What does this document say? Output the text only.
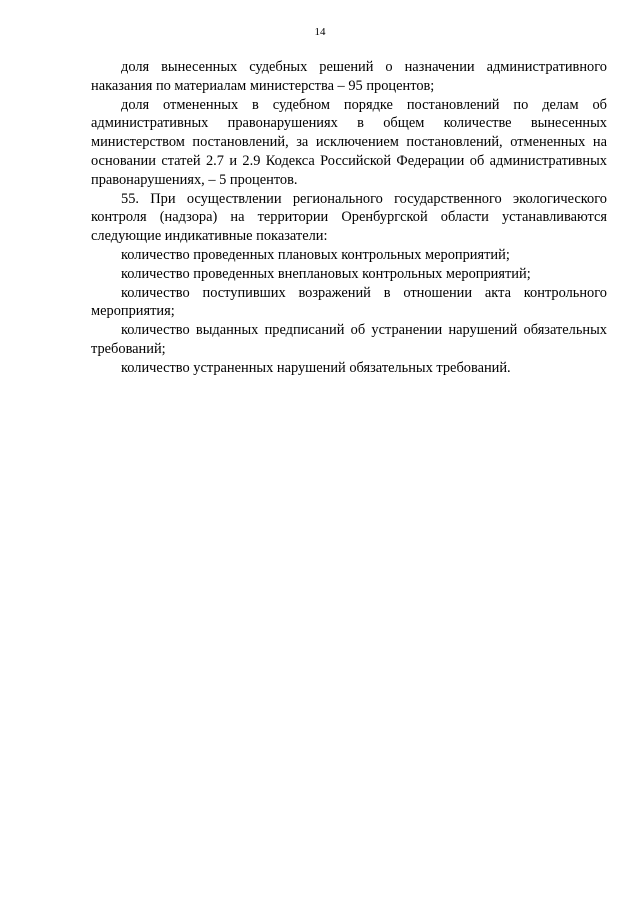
14

доля вынесенных судебных решений о назначении административного наказания по материалам министерства – 95 процентов;

доля отмененных в судебном порядке постановлений по делам об административных правонарушениях в общем количестве вынесенных министерством постановлений, за исключением постановлений, отмененных на основании статей 2.7 и 2.9 Кодекса Российской Федерации об административных правонарушениях, – 5 процентов.

55. При осуществлении регионального государственного экологического контроля (надзора) на территории Оренбургской области устанавливаются следующие индикативные показатели:

количество проведенных плановых контрольных мероприятий;

количество проведенных внеплановых контрольных мероприятий;

количество поступивших возражений в отношении акта контрольного мероприятия;

количество выданных предписаний об устранении нарушений обязательных требований;

количество устраненных нарушений обязательных требований.
